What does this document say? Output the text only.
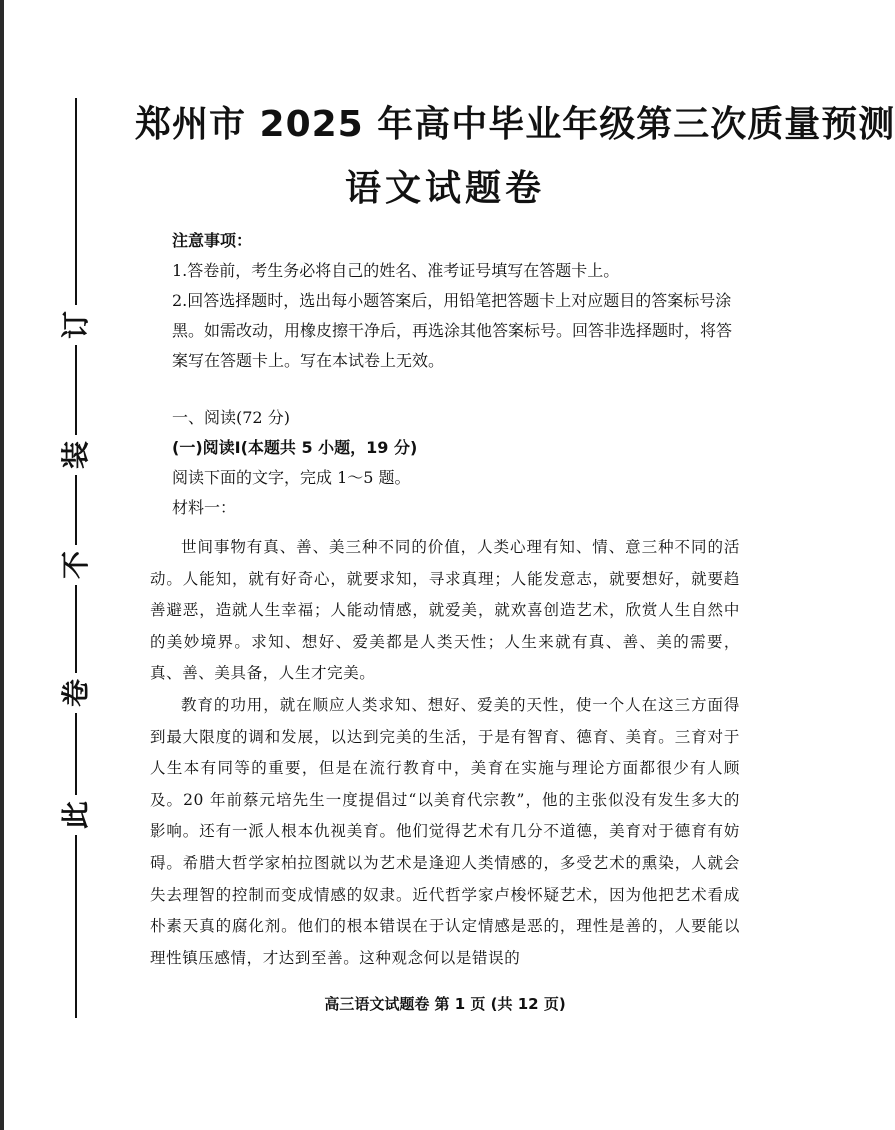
订
装
不
卷
此
郑州市 2025 年高中毕业年级第三次质量预测
语文试题卷
注意事项：

1.答卷前，考生务必将自己的姓名、准考证号填写在答题卡上。

2.回答选择题时，选出每小题答案后，用铅笔把答题卡上对应题目的答案标号涂黑。如需改动，用橡皮擦干净后，再选涂其他答案标号。回答非选择题时，将答案写在答题卡上。写在本试卷上无效。

一、阅读(72 分)
(一)阅读Ⅰ(本题共 5 小题，19 分)
阅读下面的文字，完成 1～5 题。
材料一：

世间事物有真、善、美三种不同的价值，人类心理有知、情、意三种不同的活动。人能知，就有好奇心，就要求知，寻求真理；人能发意志，就要想好，就要趋善避恶，造就人生幸福；人能动情感，就爱美，就欢喜创造艺术，欣赏人生自然中的美妙境界。求知、想好、爱美都是人类天性；人生来就有真、善、美的需要，真、善、美具备，人生才完美。

教育的功用，就在顺应人类求知、想好、爱美的天性，使一个人在这三方面得到最大限度的调和发展，以达到完美的生活，于是有智育、德育、美育。三育对于人生本有同等的重要，但是在流行教育中，美育在实施与理论方面都很少有人顾及。20 年前蔡元培先生一度提倡过“以美育代宗教”，他的主张似没有发生多大的影响。还有一派人根本仇视美育。他们觉得艺术有几分不道德，美育对于德育有妨碍。希腊大哲学家柏拉图就以为艺术是逢迎人类情感的，多受艺术的熏染，人就会失去理智的控制而变成情感的奴隶。近代哲学家卢梭怀疑艺术，因为他把艺术看成朴素天真的腐化剂。他们的根本错误在于认定情感是恶的，理性是善的，人要能以理性镇压感情，才达到至善。这种观念何以是错误的

高三语文试题卷 第 1 页 (共 12 页)
